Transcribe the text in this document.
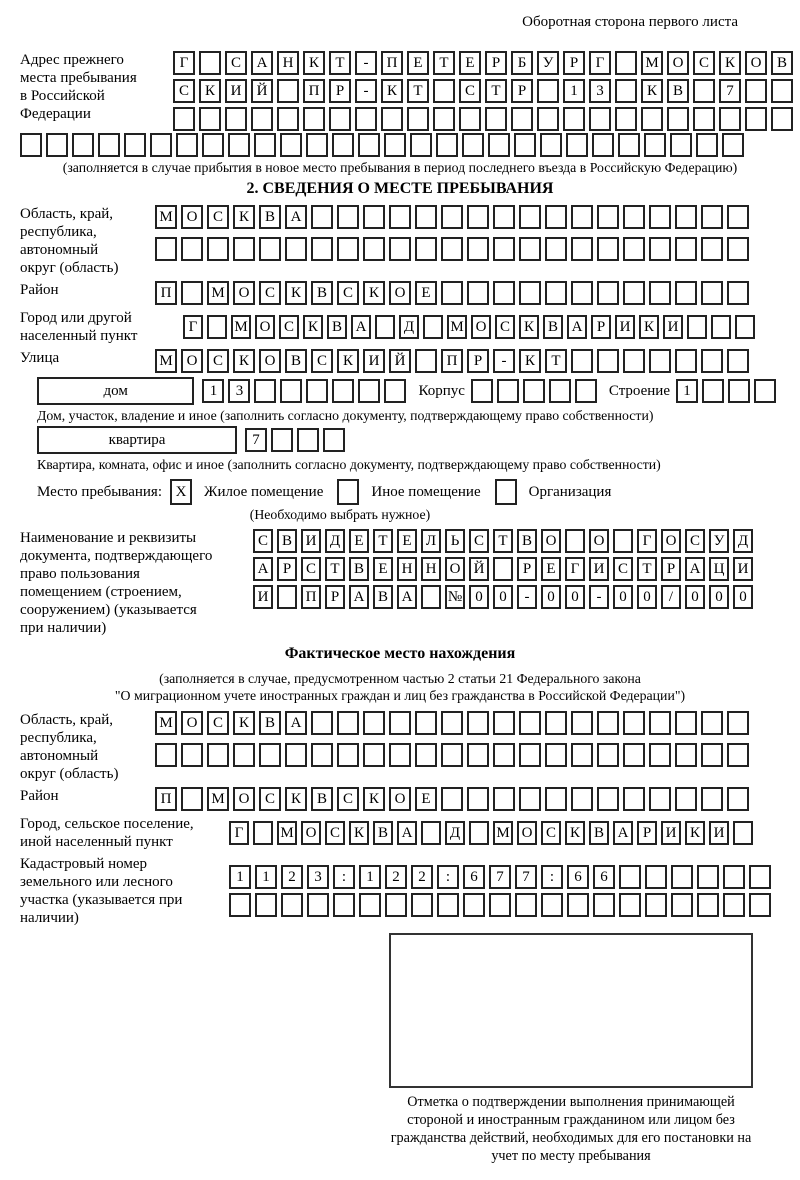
Оборотная сторона первого листа
Адрес прежнего места пребывания в Российской Федерации
Г	С	А	Н	К	Т	-	П	Е	Т	Е	Р	Б	У	Р	Г	М О	С	К	О	В
С	К	И	Й	П	Р	-	К	Т	С	Т	Р	1	3	К	В	7
(заполняется в случае прибытия в новое место пребывания в период последнего въезда в Российскую Федерацию)
2. СВЕДЕНИЯ О МЕСТЕ ПРЕБЫВАНИЯ
Область, край, республика, автономный округ (область)
М О	С	К	В	А
Район	П	М О	С	К	В	С	К	О	Е
Город или другой населенный пункт
Г	М О С К В А	Д	М О С К В А Р И К И
Улица	М О	С	К	О	В	С	К	И	Й	П	Р	-	К	Т
дом	1	3	Корпус	Строение 1
Дом, участок, владение и иное (заполнить согласно документу, подтверждающему право собственности)
квартира	7
Квартира, комната, офис и иное (заполнить согласно документу, подтверждающему право собственности)
Место пребывания: X	Жилое помещение	Иное помещение	Организация
(Необходимо выбрать нужное)
Наименование и реквизиты документа, подтверждающего право пользования помещением (строением, сооружением) (указывается при наличии)
С В И Д Е Т Е Л Ь С Т В О	О	Г О С У Д
А Р С Т В Е Н Н О Й	Р	Е	Г И С Т	Р А Ц И
И	П Р А В А	№ 0	0	-	0	0	-	0	0	/	0	0	0
Фактическое место нахождения
(заполняется в случае, предусмотренном частью 2 статьи 21 Федерального закона
"О миграционном учете иностранных граждан и лиц без гражданства в Российской Федерации")
Область, край, республика, автономный округ (область)
М О	С	К	В	А
Район	П	М О	С	К	В	С	К	О	Е
Город, сельское поселение, иной населенный пункт
Г	М О С К В А	Д	М О С К В А Р И К И
Кадастровый номер земельного или лесного участка (указывается при наличии)
1	1	2	3	:	1	2	2	:	6	7	7	:	6	6
Отметка о подтверждении выполнения принимающей стороной и иностранным гражданином или лицом без гражданства действий, необходимых для его постановки на учет по месту пребывания
